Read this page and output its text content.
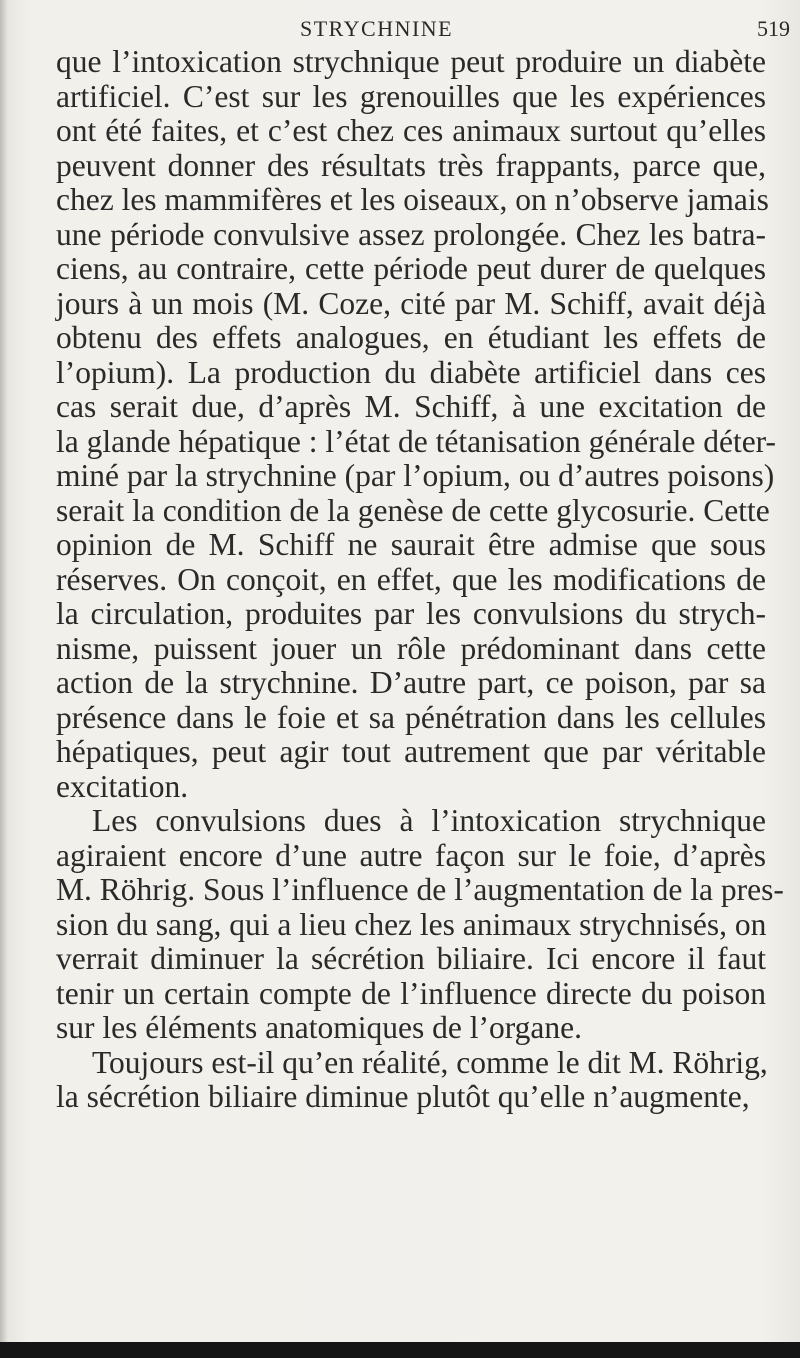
STRYCHNINE	519
que l’intoxication strychnique peut produire un diabète
artificiel. C’est sur les grenouilles que les expériences
ont été faites, et c’est chez ces animaux surtout qu’elles
peuvent donner des résultats très frappants, parce que,
chez les mammifères et les oiseaux, on n’observe jamais
une période convulsive assez prolongée. Chez les batra-
ciens, au contraire, cette période peut durer de quelques
jours à un mois (M. Coze, cité par M. Schiff, avait déjà
obtenu des effets analogues, en étudiant les effets de
l’opium). La production du diabète artificiel dans ces
cas serait due, d’après M. Schiff, à une excitation de
la glande hépatique : l’état de tétanisation générale déter-
miné par la strychnine (par l’opium, ou d’autres poisons)
serait la condition de la genèse de cette glycosurie. Cette
opinion de M. Schiff ne saurait être admise que sous
réserves. On conçoit, en effet, que les modifications de
la circulation, produites par les convulsions du strych-
nisme, puissent jouer un rôle prédominant dans cette
action de la strychnine. D’autre part, ce poison, par sa
présence dans le foie et sa pénétration dans les cellules
hépatiques, peut agir tout autrement que par véritable
excitation.
Les convulsions dues à l’intoxication strychnique
agiraient encore d’une autre façon sur le foie, d’après
M. Röhrig. Sous l’influence de l’augmentation de la pres-
sion du sang, qui a lieu chez les animaux strychnisés, on
verrait diminuer la sécrétion biliaire. Ici encore il faut
tenir un certain compte de l’influence directe du poison
sur les éléments anatomiques de l’organe.
Toujours est-il qu’en réalité, comme le dit M. Röhrig,
la sécrétion biliaire diminue plutôt qu’elle n’augmente,
